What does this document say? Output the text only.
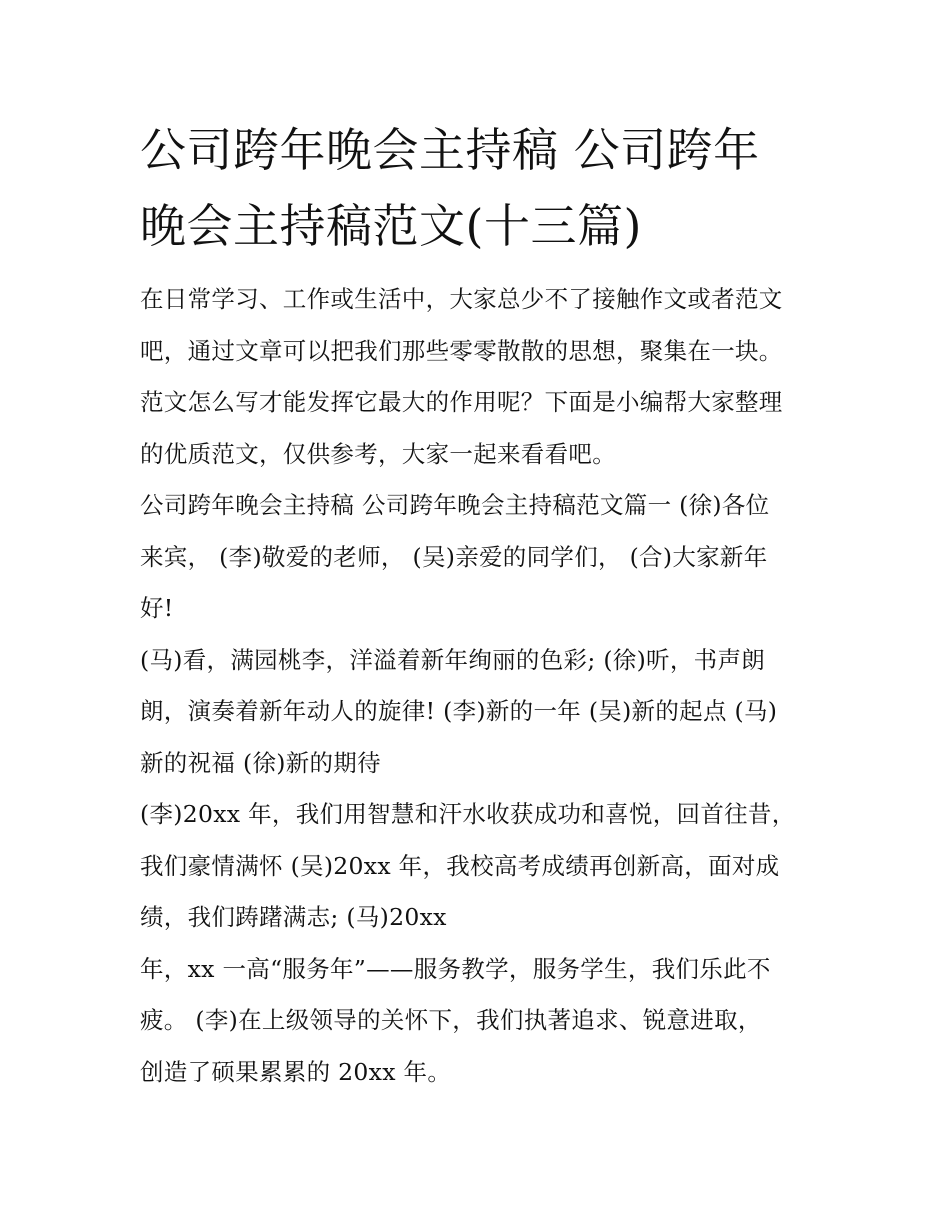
公司跨年晚会主持稿 公司跨年
晚会主持稿范文(十三篇)

在日常学习、工作或生活中，大家总少不了接触作文或者范文
吧，通过文章可以把我们那些零零散散的思想，聚集在一块。
范文怎么写才能发挥它最大的作用呢？下面是小编帮大家整理
的优质范文，仅供参考，大家一起来看看吧。

公司跨年晚会主持稿 公司跨年晚会主持稿范文篇一 (徐)各位
来宾， (李)敬爱的老师， (吴)亲爱的同学们， (合)大家新年
好!

(马)看，满园桃李，洋溢着新年绚丽的色彩; (徐)听，书声朗
朗，演奏着新年动人的旋律! (李)新的一年 (吴)新的起点 (马)
新的祝福 (徐)新的期待

(李)20xx 年，我们用智慧和汗水收获成功和喜悦，回首往昔，
我们豪情满怀 (吴)20xx 年，我校高考成绩再创新高，面对成
绩，我们踌躇满志; (马)20xx

年，xx 一高“服务年”——服务教学，服务学生，我们乐此不
疲。 (李)在上级领导的关怀下，我们执著追求、锐意进取，
创造了硕果累累的 20xx 年。
